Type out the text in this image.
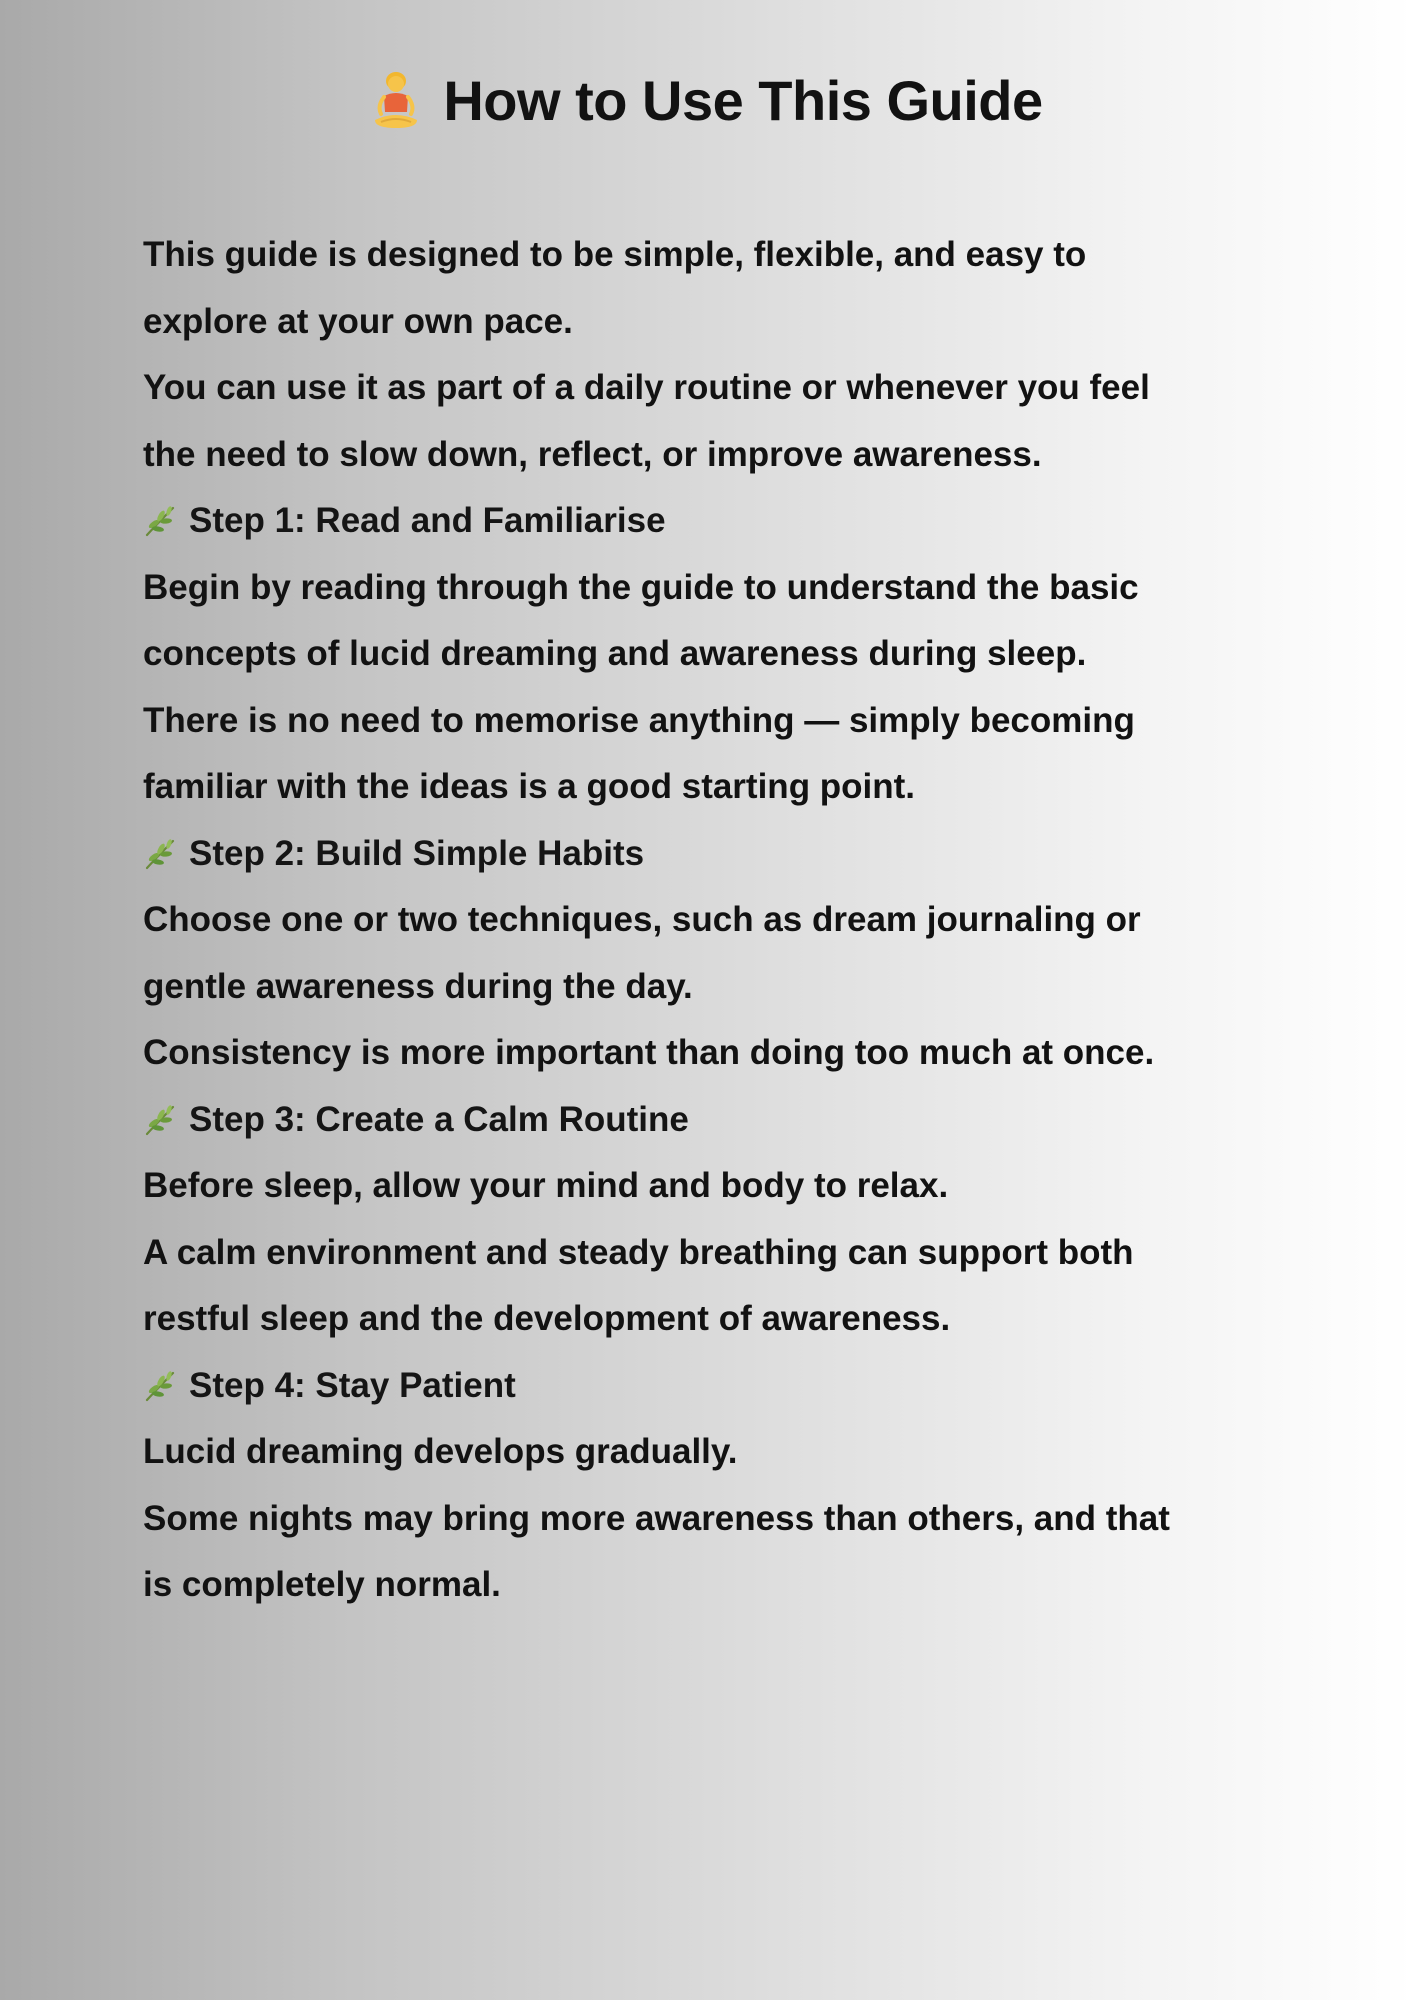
How to Use This Guide

This guide is designed to be simple, flexible, and easy to

explore at your own pace.

You can use it as part of a daily routine or whenever you feel

the need to slow down, reflect, or improve awareness.

Step 1: Read and Familiarise

Begin by reading through the guide to understand the basic

concepts of lucid dreaming and awareness during sleep.

There is no need to memorise anything — simply becoming

familiar with the ideas is a good starting point.

Step 2: Build Simple Habits

Choose one or two techniques, such as dream journaling or

gentle awareness during the day.

Consistency is more important than doing too much at once.

Step 3: Create a Calm Routine

Before sleep, allow your mind and body to relax.

A calm environment and steady breathing can support both

restful sleep and the development of awareness.

Step 4: Stay Patient

Lucid dreaming develops gradually.

Some nights may bring more awareness than others, and that

is completely normal.
